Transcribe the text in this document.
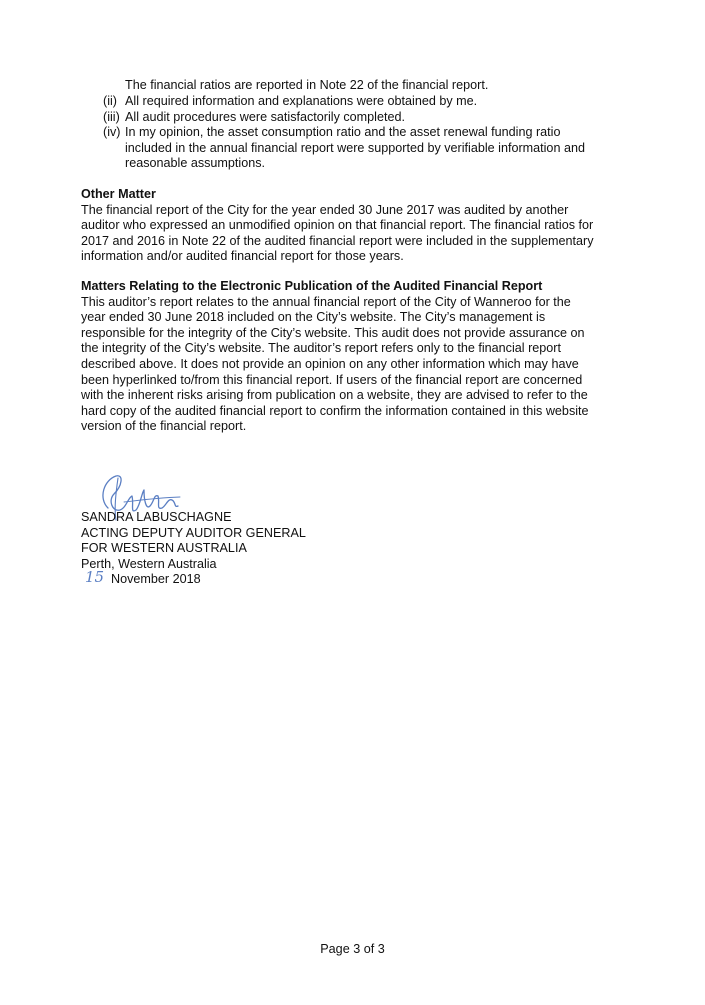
The financial ratios are reported in Note 22 of the financial report.
(ii) All required information and explanations were obtained by me.
(iii) All audit procedures were satisfactorily completed.
(iv) In my opinion, the asset consumption ratio and the asset renewal funding ratio
included in the annual financial report were supported by verifiable information and
reasonable assumptions.
Other Matter
The financial report of the City for the year ended 30 June 2017 was audited by another
auditor who expressed an unmodified opinion on that financial report. The financial ratios for
2017 and 2016 in Note 22 of the audited financial report were included in the supplementary
information and/or audited financial report for those years.
Matters Relating to the Electronic Publication of the Audited Financial Report
This auditor’s report relates to the annual financial report of the City of Wanneroo for the
year ended 30 June 2018 included on the City’s website. The City’s management is
responsible for the integrity of the City’s website. This audit does not provide assurance on
the integrity of the City’s website. The auditor’s report refers only to the financial report
described above. It does not provide an opinion on any other information which may have
been hyperlinked to/from this financial report. If users of the financial report are concerned
with the inherent risks arising from publication on a website, they are advised to refer to the
hard copy of the audited financial report to confirm the information contained in this website
version of the financial report.
SANDRA LABUSCHAGNE
ACTING DEPUTY AUDITOR GENERAL
FOR WESTERN AUSTRALIA
Perth, Western Australia
15 November 2018
Page 3 of 3
